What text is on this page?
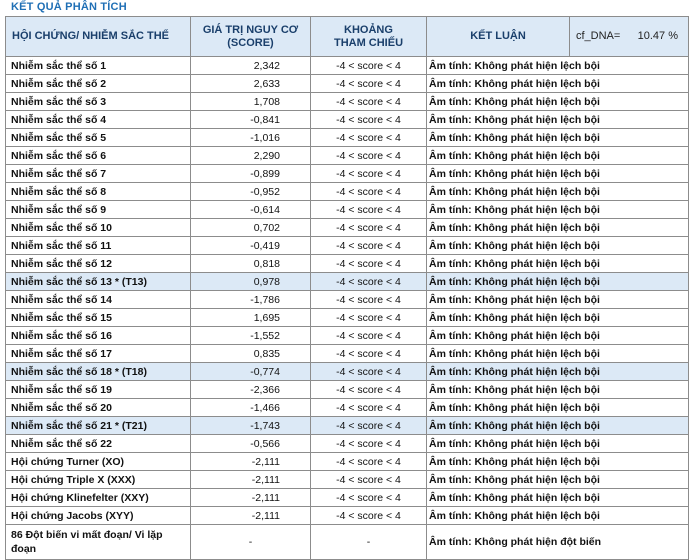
KẾT QUẢ PHÂN TÍCH
HỘI CHỨNG/ NHIỄM SẮC THỂ	GIÁ TRỊ NGUY CƠ (SCORE)	KHOẢNG THAM CHIẾU	KẾT LUẬN	cf_DNA= 10.47 %

Nhiễm sắc thể số 1	2,342	-4 < score < 4	Âm tính: Không phát hiện lệch bội	
Nhiễm sắc thể số 2	2,633	-4 < score < 4	Âm tính: Không phát hiện lệch bội	
Nhiễm sắc thể số 3	1,708	-4 < score < 4	Âm tính: Không phát hiện lệch bội	
Nhiễm sắc thể số 4	-0,841	-4 < score < 4	Âm tính: Không phát hiện lệch bội	
Nhiễm sắc thể số 5	-1,016	-4 < score < 4	Âm tính: Không phát hiện lệch bội	
Nhiễm sắc thể số 6	2,290	-4 < score < 4	Âm tính: Không phát hiện lệch bội	
Nhiễm sắc thể số 7	-0,899	-4 < score < 4	Âm tính: Không phát hiện lệch bội	
Nhiễm sắc thể số 8	-0,952	-4 < score < 4	Âm tính: Không phát hiện lệch bội	
Nhiễm sắc thể số 9	-0,614	-4 < score < 4	Âm tính: Không phát hiện lệch bội	
Nhiễm sắc thể số 10	0,702	-4 < score < 4	Âm tính: Không phát hiện lệch bội	
Nhiễm sắc thể số 11	-0,419	-4 < score < 4	Âm tính: Không phát hiện lệch bội	
Nhiễm sắc thể số 12	0,818	-4 < score < 4	Âm tính: Không phát hiện lệch bội	
Nhiễm sắc thể số 13 * (T13)	0,978	-4 < score < 4	Âm tính: Không phát hiện lệch bội	
Nhiễm sắc thể số 14	-1,786	-4 < score < 4	Âm tính: Không phát hiện lệch bội	
Nhiễm sắc thể số 15	1,695	-4 < score < 4	Âm tính: Không phát hiện lệch bội	
Nhiễm sắc thể số 16	-1,552	-4 < score < 4	Âm tính: Không phát hiện lệch bội	
Nhiễm sắc thể số 17	0,835	-4 < score < 4	Âm tính: Không phát hiện lệch bội	
Nhiễm sắc thể số 18 * (T18)	-0,774	-4 < score < 4	Âm tính: Không phát hiện lệch bội	
Nhiễm sắc thể số 19	-2,366	-4 < score < 4	Âm tính: Không phát hiện lệch bội	
Nhiễm sắc thể số 20	-1,466	-4 < score < 4	Âm tính: Không phát hiện lệch bội	
Nhiễm sắc thể số 21 * (T21)	-1,743	-4 < score < 4	Âm tính: Không phát hiện lệch bội	
Nhiễm sắc thể số 22	-0,566	-4 < score < 4	Âm tính: Không phát hiện lệch bội	
Hội chứng Turner (XO)	-2,111	-4 < score < 4	Âm tính: Không phát hiện lệch bội	
Hội chứng Triple X (XXX)	-2,111	-4 < score < 4	Âm tính: Không phát hiện lệch bội	
Hội chứng Klinefelter (XXY)	-2,111	-4 < score < 4	Âm tính: Không phát hiện lệch bội	
Hội chứng Jacobs (XYY)	-2,111	-4 < score < 4	Âm tính: Không phát hiện lệch bội	
86 Đột biến vi mất đoạn/ Vi lặp đoạn	-	-	Âm tính: Không phát hiện đột biến	
